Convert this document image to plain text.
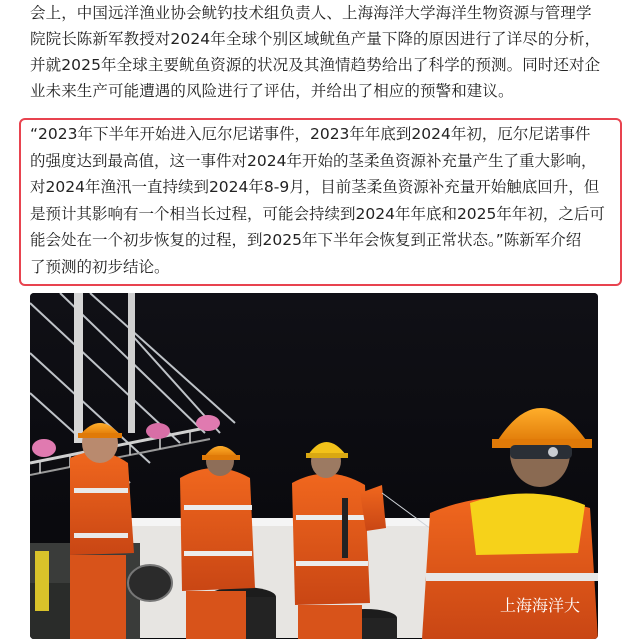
会上，中国远洋渔业协会鱿钓技术组负责人、上海海洋大学海洋生物资源与管理学
院院长陈新军教授对2024年全球个别区域鱿鱼产量下降的原因进行了详尽的分析，
并就2025年全球主要鱿鱼资源的状况及其渔情趋势给出了科学的预测。同时还对企
业未来生产可能遭遇的风险进行了评估，并给出了相应的预警和建议。
“2023年下半年开始进入厄尔尼诺事件，2023年年底到2024年初，厄尔尼诺事件
的强度达到最高值，这一事件对2024年开始的茎柔鱼资源补充量产生了重大影响，
对2024年渔汛一直持续到2024年8-9月，目前茎柔鱼资源补充量开始触底回升，但
是预计其影响有一个相当长过程，可能会持续到2024年年底和2025年年初，之后可
能会处在一个初步恢复的过程，到2025年下半年会恢复到正常状态。”陈新军介绍
了预测的初步结论。
上海海洋大
